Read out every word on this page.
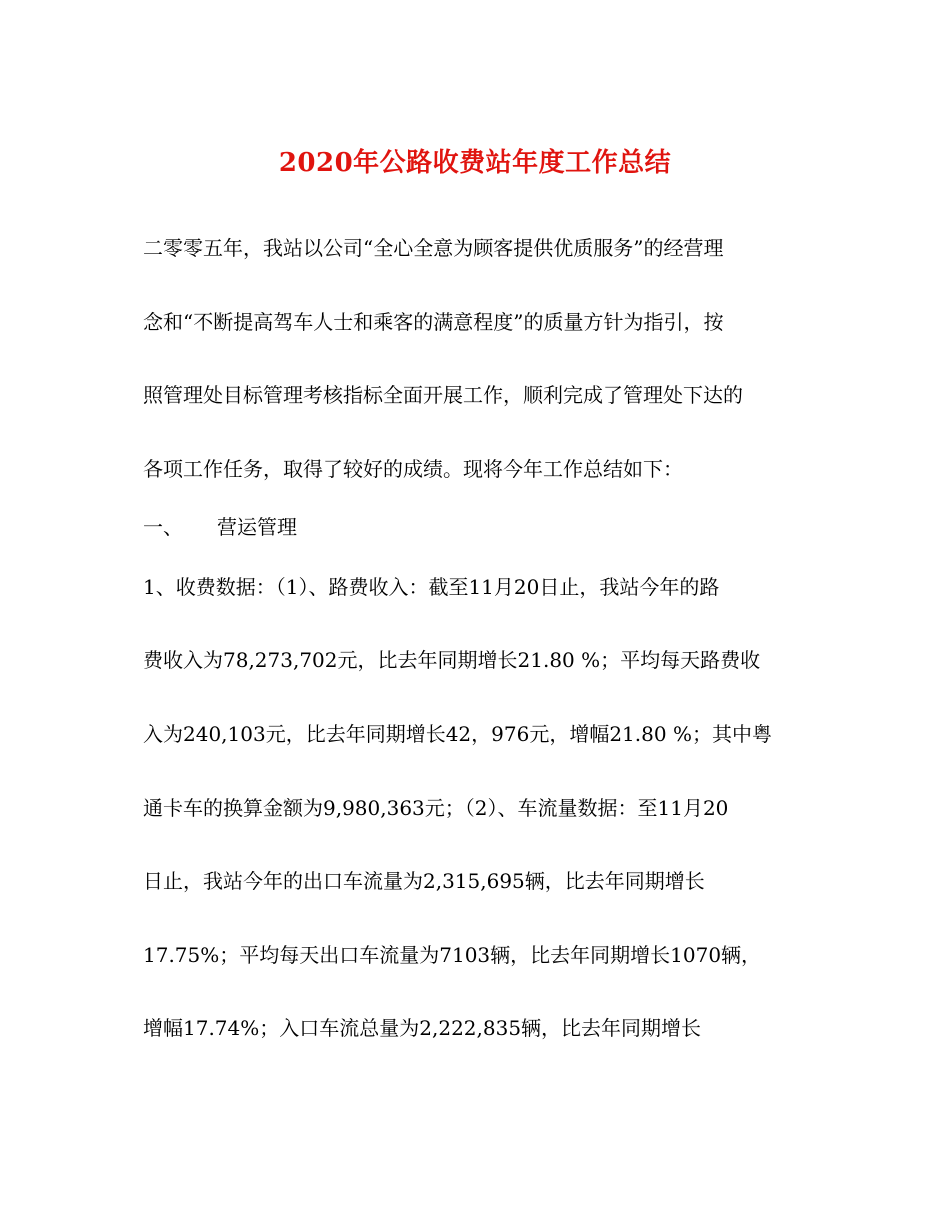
2020年公路收费站年度工作总结

二零零五年，我站以公司“全心全意为顾客提供优质服务”的经营理

念和“不断提高驾车人士和乘客的满意程度”的质量方针为指引，按

照管理处目标管理考核指标全面开展工作，顺利完成了管理处下达的

各项工作任务，取得了较好的成绩。现将今年工作总结如下：

一、 营运管理

1、收费数据：（1）、路费收入：截至11月20日止，我站今年的路

费收入为78,273,702元，比去年同期增长21.80 %；平均每天路费收

入为240,103元，比去年同期增长42，976元，增幅21.80 %；其中粤

通卡车的换算金额为9,980,363元；（2）、车流量数据：至11月20

日止，我站今年的出口车流量为2,315,695辆，比去年同期增长

17.75%；平均每天出口车流量为7103辆，比去年同期增长1070辆，

增幅17.74%；入口车流总量为2,222,835辆，比去年同期增长
